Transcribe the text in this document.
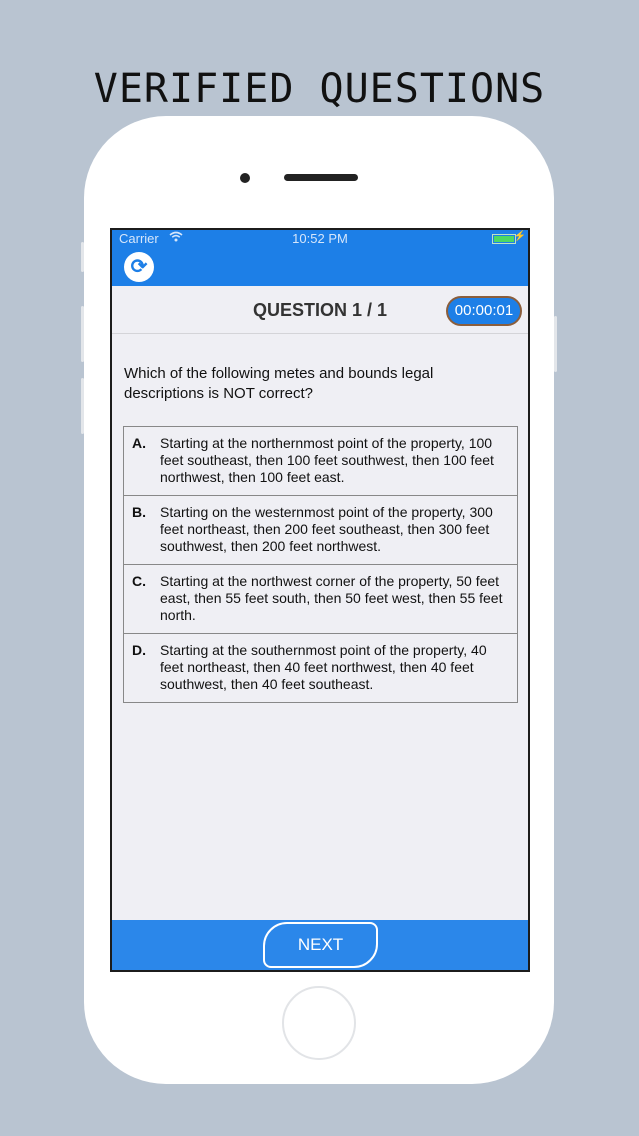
VERIFIED QUESTIONS
Carrier	10:52 PM	⚡
⟳
QUESTION 1 / 1	00:00:01
Which of the following metes and bounds legal descriptions is NOT correct?
A. Starting at the northernmost point of the property, 100 feet southeast, then 100 feet southwest, then 100 feet northwest, then 100 feet east.
B. Starting on the westernmost point of the property, 300 feet northeast, then 200 feet southeast, then 300 feet southwest, then 200 feet northwest.
C. Starting at the northwest corner of the property, 50 feet east, then 55 feet south, then 50 feet west, then 55 feet north.
D. Starting at the southernmost point of the property, 40 feet northeast, then 40 feet northwest, then 40 feet southwest, then 40 feet southeast.
NEXT
